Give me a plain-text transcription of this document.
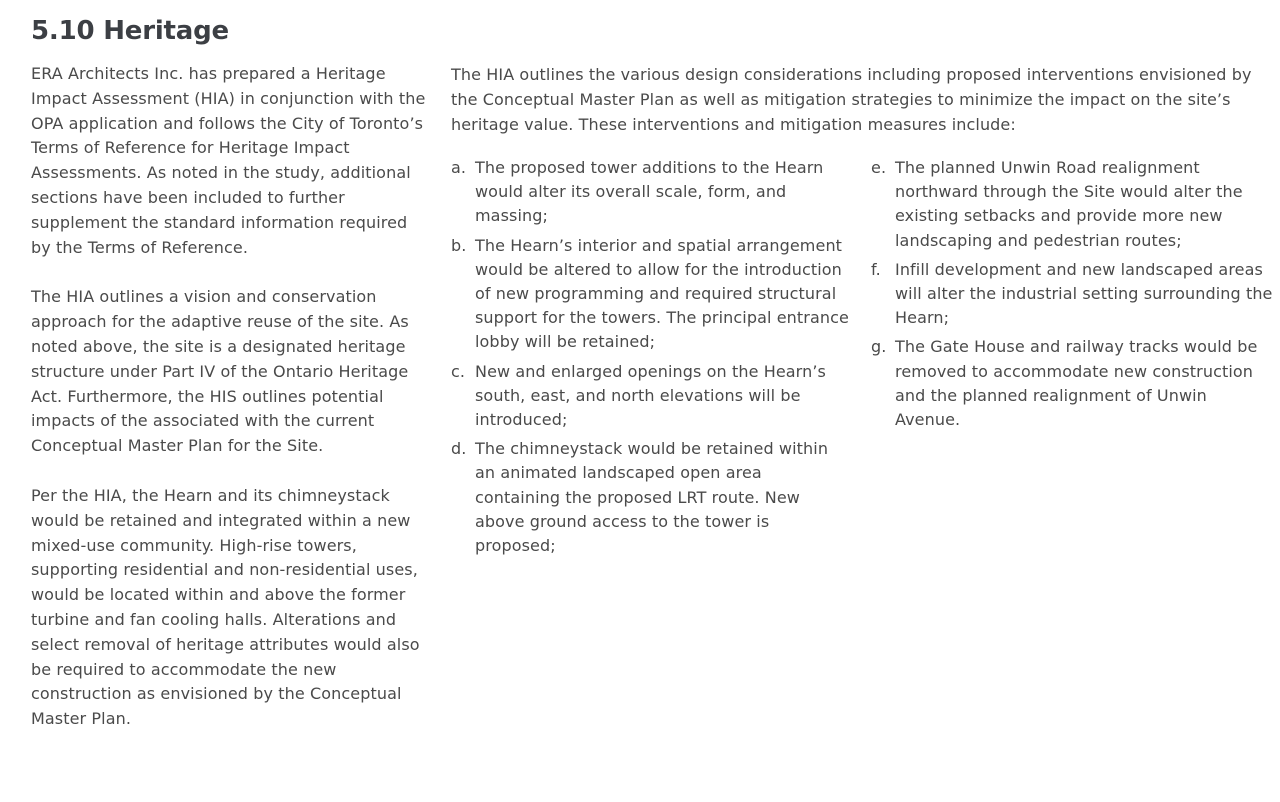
5.10 Heritage

ERA Architects Inc. has prepared a Heritage Impact Assessment (HIA) in conjunction with the OPA application and follows the City of Toronto’s Terms of Reference for Heritage Impact Assessments. As noted in the study, additional sections have been included to further supplement the standard information required by the Terms of Reference.

The HIA outlines a vision and conservation approach for the adaptive reuse of the site. As noted above, the site is a designated heritage structure under Part IV of the Ontario Heritage Act. Furthermore, the HIS outlines potential impacts of the associated with the current Conceptual Master Plan for the Site.

Per the HIA, the Hearn and its chimneystack would be retained and integrated within a new mixed-use community. High-rise towers, supporting residential and non-residential uses, would be located within and above the former turbine and fan cooling halls. Alterations and select removal of heritage attributes would also be required to accommodate the new construction as envisioned by the Conceptual Master Plan.

The HIA outlines the various design considerations including proposed interventions envisioned by the Conceptual Master Plan as well as mitigation strategies to minimize the impact on the site’s heritage value. These interventions and mitigation measures include:

a. The proposed tower additions to the Hearn would alter its overall scale, form, and massing;
b. The Hearn’s interior and spatial arrangement would be altered to allow for the introduction of new programming and required structural support for the towers. The principal entrance lobby will be retained;
c. New and enlarged openings on the Hearn’s south, east, and north elevations will be introduced;
d. The chimneystack would be retained within an animated landscaped open area containing the proposed LRT route. New above ground access to the tower is proposed;
e. The planned Unwin Road realignment northward through the Site would alter the existing setbacks and provide more new landscaping and pedestrian routes;
f. Infill development and new landscaped areas will alter the industrial setting surrounding the Hearn;
g. The Gate House and railway tracks would be removed to accommodate new construction and the planned realignment of Unwin Avenue.
